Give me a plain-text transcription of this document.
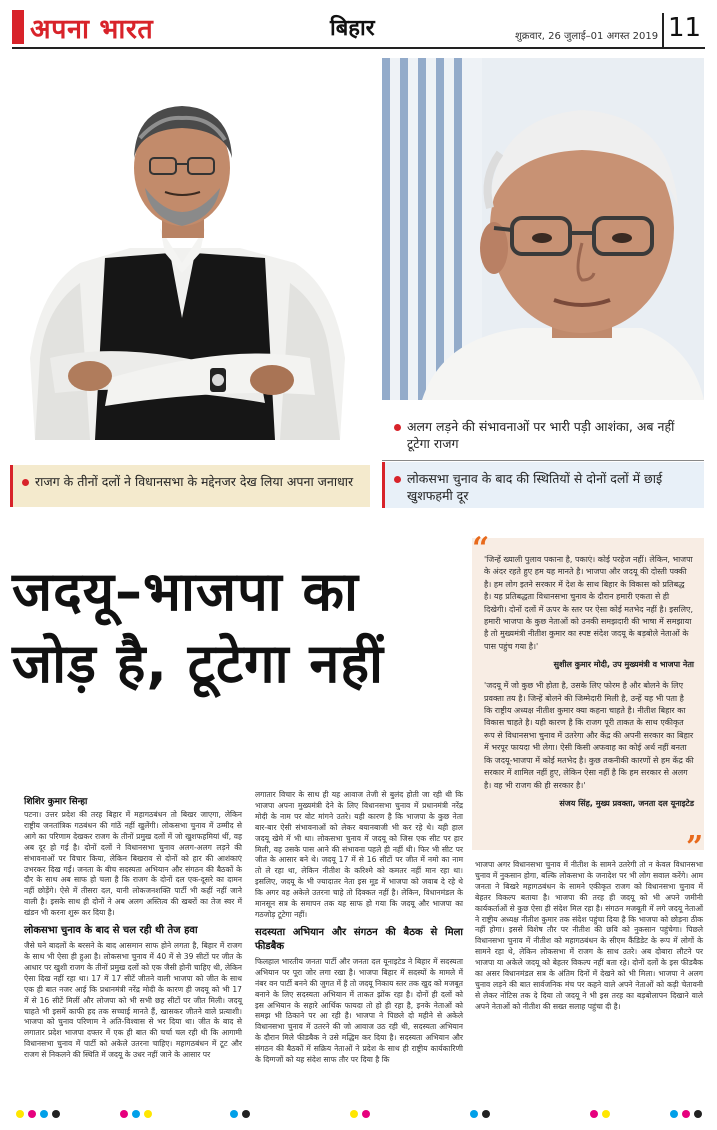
अपना भारत	बिहार	शुक्रवार, 26 जुलाई–01 अगस्त 2019 11
अलग लड़ने की संभावनाओं पर भारी पड़ी आशंका, अब नहीं टूटेगा राजग
लोकसभा चुनाव के बाद की स्थितियों से दोनों दलों में छाई खुशफहमी दूर
राजग के तीनों दलों ने विधानसभा के मद्देनजर देख लिया अपना जनाधार
जदयू–भाजपा का
जोड़ है, टूटेगा नहीं

'जिन्हें ख्याली पुलाव पकाना है, पकाएं। कोई परहेज नहीं। लेकिन, भाजपा के अंदर रहते हुए हम यह मानते है। भाजपा और जदयू की दोस्ती पक्की है। हम लोग इतने सरकार में देश के साथ बिहार के विकास को प्रतिबद्ध है। यह प्रतिबद्धता विधानसभा चुनाव के दौरान हमारी एकता से ही दिखेगी। दोनों दलों में ऊपर के स्तर पर ऐसा कोई मतभेद नहीं है। इसलिए, हमारी भाजपा के कुछ नेताओं को उनकी समझदारी की भाषा में समझाया है तो मुख्यमंत्री नीतीश कुमार का स्पष्ट संदेश जदयू के बड़बोले नेताओं के पास पहुंच गया है।'

सुशील कुमार मोदी, उप मुख्यमंत्री व भाजपा नेता

'जदयू में जो कुछ भी होता है, उसके लिए फोरम है और बोलने के लिए प्रवक्ता तय है। जिन्हें बोलने की जिम्मेदारी मिली है, उन्हें यह भी पता है कि राष्ट्रीय अध्यक्ष नीतीश कुमार क्या कहना चाहते है। नीतीश बिहार का विकास चाहते है। यही कारण है कि राजग पूरी ताकत के साथ एकीकृत रूप से विधानसभा चुनाव में उतरेगा और केंद्र की अपनी सरकार का बिहार में भरपूर फायदा भी लेगा। ऐसी किसी अफवाह का कोई अर्थ नहीं बनता कि जदयू-भाजपा में कोई मतभेद है। कुछ तकनीकी कारणों से हम केंद्र की सरकार में शामिल नहीं हुए, लेकिन ऐसा नहीं है कि हम सरकार से अलग है। वह भी राजग की ही सरकार है।'

संजय सिंह, मुख्य प्रवक्ता, जनता दल यूनाइटेड

“
”
शिशिर कुमार सिन्हा

पटना। उत्तर प्रदेश की तरह बिहार में महागठबंधन तो बिखर जाएगा, लेकिन राष्ट्रीय जनतांत्रिक गठबंधन की गांठें नहीं खुलेंगी। लोकसभा चुनाव में उम्मीद से आगे का परिणाम देखकर राजग के तीनों प्रमुख दलों में जो खुशफहमियां थीं, वह अब दूर हो गई है। दोनों दलों ने विधानसभा चुनाव अलग-अलग लड़ने की संभावनाओं पर विचार किया, लेकिन बिखराव से दोनों को हार की आशंकाएं उभरकर दिख गईं। जनता के बीच सदस्यता अभियान और संगठन की बैठकों के दौर के साथ अब साफ हो चला है कि राजग के दोनों दल एक-दूसरे का दामन नहीं छोड़ेंगे। ऐसे में तीसरा दल, यानी लोकजनशक्ति पार्टी भी कहीं नहीं जाने वाली है। इसके साथ ही दोनों ने अब अलग अस्तित्व की खबरों का तेज स्वर में खंडन भी करना शुरू कर दिया है।

लोकसभा चुनाव के बाद से चल रही थी तेज हवा

जैसे घने बादलों के बरसने के बाद आसमान साफ होने लगता है, बिहार में राजग के साथ भी ऐसा ही हुआ है। लोकसभा चुनाव में 40 में से 39 सीटों पर जीत के आधार पर खुशी राजग के तीनों प्रमुख दलों को एक जैसी होनी चाहिए थी, लेकिन ऐसा दिख नहीं रहा था। 17 में 17 सीटें जीतने वाली भाजपा को जीत के साथ एक ही बात नजर आई कि प्रधानमंत्री नरेंद्र मोदी के कारण ही जदयू को भी 17 में से 16 सीटें मिलीं और लोजपा को भी सभी छह सीटों पर जीत मिली। जदयू चाहते भी इसमें काफी हद तक सच्चाई मानते हैं, खासकर जीतने वाले प्रत्याशी। भाजपा को चुनाव परिणाम ने अति-विश्वास से भर दिया था। जीत के बाद से लगातार प्रदेश भाजपा दफ्तर में एक ही बात की चर्चा चल रही थी कि आगामी विधानसभा चुनाव में पार्टी को अकेले उतरना चाहिए। महागठबंधन में टूट और राजग से निकलने की स्थिति में जदयू के उधर नहीं जाने के आसार पर

लगातार विचार के साथ ही यह आवाज तेजी से बुलंद होती जा रही थी कि भाजपा अपना मुख्यमंत्री देने के लिए विधानसभा चुनाव में प्रधानमंत्री नरेंद्र मोदी के नाम पर वोट मांगने उतरे। यही कारण है कि भाजपा के कुछ नेता बार-बार ऐसी संभावनाओं को लेकर बयानबाजी भी कर रहे थे। यही हाल जदयू खेमे में भी था। लोकसभा चुनाव में जदयू को जिस एक सीट पर हार मिली, वह उसके पास आने की संभावना पहले ही नहीं थी। फिर भी सीट पर जीत के आसार बने थे। जदयू 17 में से 16 सीटों पर जीत में नमो का नाम तो ले रहा था, लेकिन नीतीश के करिश्मे को कमतर नहीं मान रहा था। इसलिए, जदयू के भी ज्यादातर नेता इस मूड में भाजपा को जवाब दे रहे थे कि अगर वह अकेले उतरना चाहे तो दिक्कत नहीं है। लेकिन, विधानमंडल के मानसून सत्र के समापन तक यह साफ हो गया कि जदयू और भाजपा का गठजोड़ टूटेगा नहीं।

सदस्यता अभियान और संगठन की बैठक से मिला फीडबैक

फिलहाल भारतीय जनता पार्टी और जनता दल यूनाइटेड ने बिहार में सदस्यता अभियान पर पूरा जोर लगा रखा है। भाजपा बिहार में सदस्यों के मामले में नंबर वन पार्टी बनने की जुगत में है तो जदयू निकाय स्तर तक खुद को मजबूत बनाने के लिए सदस्यता अभियान में ताकत झोंक रहा है। दोनों ही दलों को इस अभियान के सहारे आर्थिक फायदा तो हो ही रहा है, इनके नेताओं को समझ भी ठिकाने पर आ रही है। भाजपा ने पिछले दो महीने से अकेले विधानसभा चुनाव में उतरने की जो आवाज उठ रही थी, सदस्यता अभियान के दौरान मिले फीडबैक ने उसे मद्धिम कर दिया है। सदस्यता अभियान और संगठन की बैठकों में सक्रिय नेताओं ने प्रदेश के साथ ही राष्ट्रीय कार्यकारिणी के दिग्गजों को यह संदेश साफ तौर पर दिया है कि

भाजपा अगर विधानसभा चुनाव में नीतीश के सामने उतरेगी तो न केवल विधानसभा चुनाव में नुकसान होगा, बल्कि लोकसभा के जनादेश पर भी लोग सवाल करेंगे। आम जनता ने बिखरे महागठबंधन के सामने एकीकृत राजग को विधानसभा चुनाव में बेहतर विकल्प बताया है। भाजपा की तरह ही जदयू को भी अपने जमीनी कार्यकर्ताओं से कुछ ऐसा ही संदेश मिल रहा है। संगठन मजबूती में लगे जदयू नेताओं ने राष्ट्रीय अध्यक्ष नीतीश कुमार तक संदेश पहुंचा दिया है कि भाजपा को छोड़ना ठीक नहीं होगा। इससे विशेष तौर पर नीतीश की छवि को नुकसान पहुंचेगा। पिछले विधानसभा चुनाव में नीतीश को महागठबंधन के सीएम कैंडिडेट के रूप में लोगों के सामने रहा थे, लेकिन लोकसभा में राजग के साथ उतरे। अब दोबारा लौटने पर भाजपा या अकेले जदयू को बेहतर विकल्प नहीं बता रहे। दोनों दलों के इस फीडबैक का असर विधानमंडल सत्र के अंतिम दिनों में देखने को भी मिला। भाजपा ने अलग चुनाव लड़ने की बात सार्वजनिक मंच पर कहने वाले अपने नेताओं को कड़ी चेतावनी से लेकर नोटिस तक दे दिया तो जदयू ने भी इस तरह का बड़बोलापन दिखाने वाले अपने नेताओं को नीतीश की सख्त सलाह पहुंचा दी है।
